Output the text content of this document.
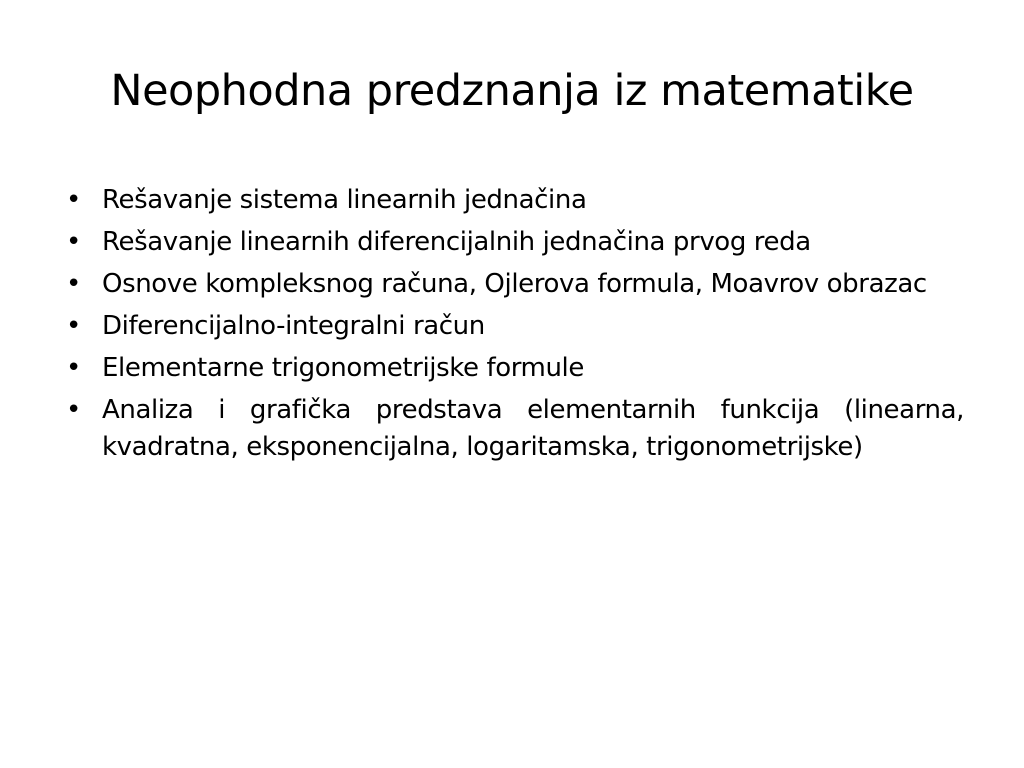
Neophodna predznanja iz matematike
• Rešavanje sistema linearnih jednačina
• Rešavanje linearnih diferencijalnih jednačina prvog reda
• Osnove kompleksnog računa, Ojlerova formula, Moavrov obrazac
• Diferencijalno-integralni račun
• Elementarne trigonometrijske formule
• Analiza i grafička predstava elementarnih funkcija (linearna, kvadratna, eksponencijalna, logaritamska, trigonometrijske)
